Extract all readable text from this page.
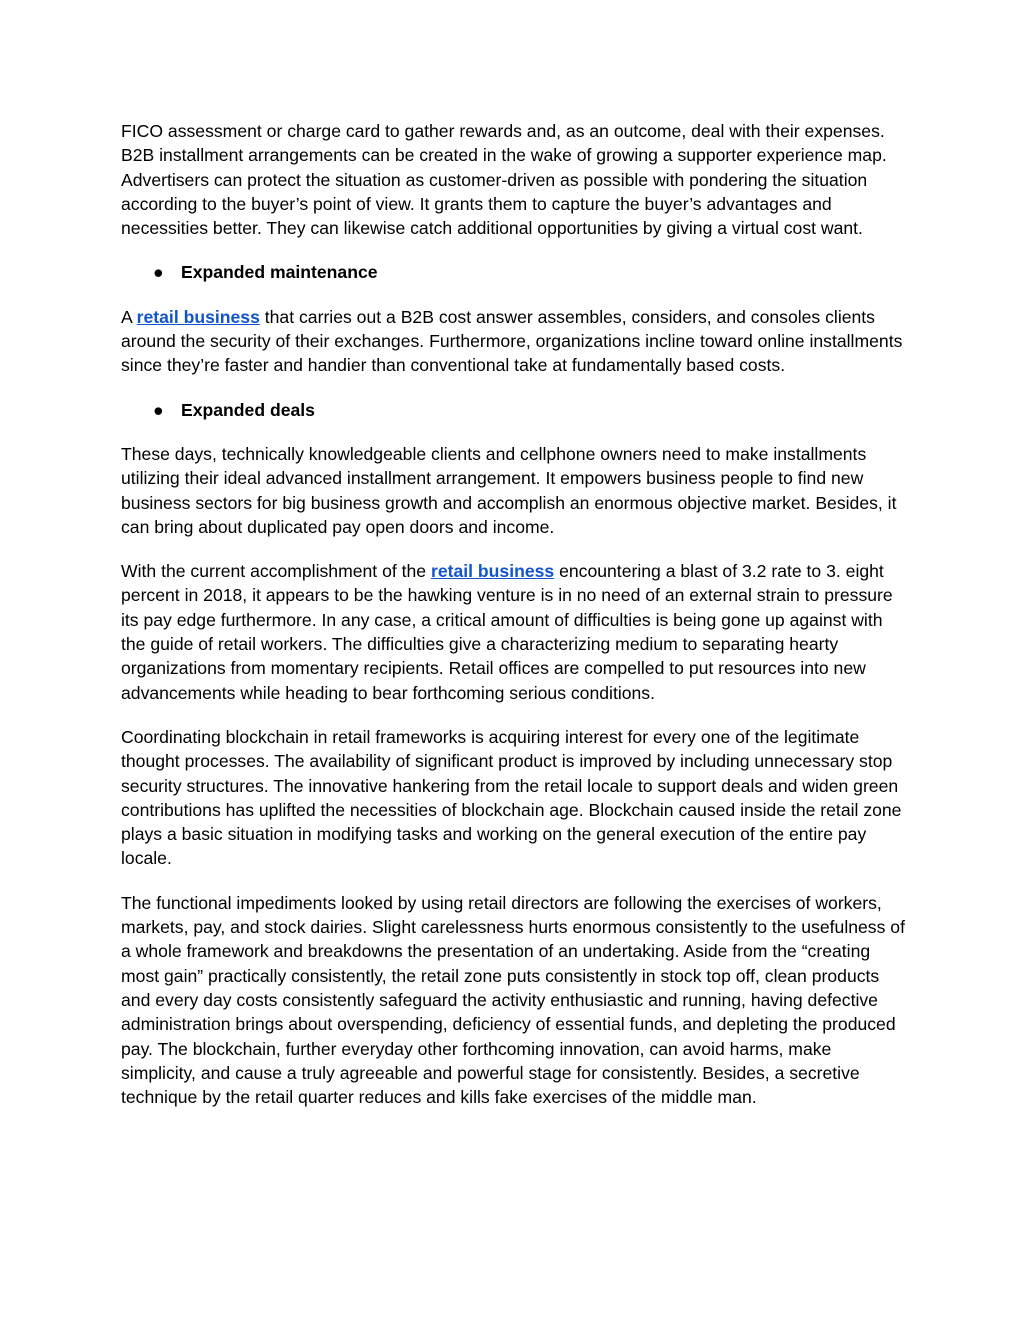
FICO assessment or charge card to gather rewards and, as an outcome, deal with their expenses. B2B installment arrangements can be created in the wake of growing a supporter experience map. Advertisers can protect the situation as customer-driven as possible with pondering the situation according to the buyer’s point of view. It grants them to capture the buyer’s advantages and necessities better. They can likewise catch additional opportunities by giving a virtual cost want.

● Expanded maintenance

A retail business that carries out a B2B cost answer assembles, considers, and consoles clients around the security of their exchanges. Furthermore, organizations incline toward online installments since they’re faster and handier than conventional take at fundamentally based costs.

● Expanded deals

These days, technically knowledgeable clients and cellphone owners need to make installments utilizing their ideal advanced installment arrangement. It empowers business people to find new business sectors for big business growth and accomplish an enormous objective market. Besides, it can bring about duplicated pay open doors and income.

With the current accomplishment of the retail business encountering a blast of 3.2 rate to 3. eight percent in 2018, it appears to be the hawking venture is in no need of an external strain to pressure its pay edge furthermore. In any case, a critical amount of difficulties is being gone up against with the guide of retail workers. The difficulties give a characterizing medium to separating hearty organizations from momentary recipients. Retail offices are compelled to put resources into new advancements while heading to bear forthcoming serious conditions.

Coordinating blockchain in retail frameworks is acquiring interest for every one of the legitimate thought processes. The availability of significant product is improved by including unnecessary stop security structures. The innovative hankering from the retail locale to support deals and widen green contributions has uplifted the necessities of blockchain age. Blockchain caused inside the retail zone plays a basic situation in modifying tasks and working on the general execution of the entire pay locale.

The functional impediments looked by using retail directors are following the exercises of workers, markets, pay, and stock dairies. Slight carelessness hurts enormous consistently to the usefulness of a whole framework and breakdowns the presentation of an undertaking. Aside from the “creating most gain” practically consistently, the retail zone puts consistently in stock top off, clean products and every day costs consistently safeguard the activity enthusiastic and running, having defective administration brings about overspending, deficiency of essential funds, and depleting the produced pay. The blockchain, further everyday other forthcoming innovation, can avoid harms, make simplicity, and cause a truly agreeable and powerful stage for consistently. Besides, a secretive technique by the retail quarter reduces and kills fake exercises of the middle man.
